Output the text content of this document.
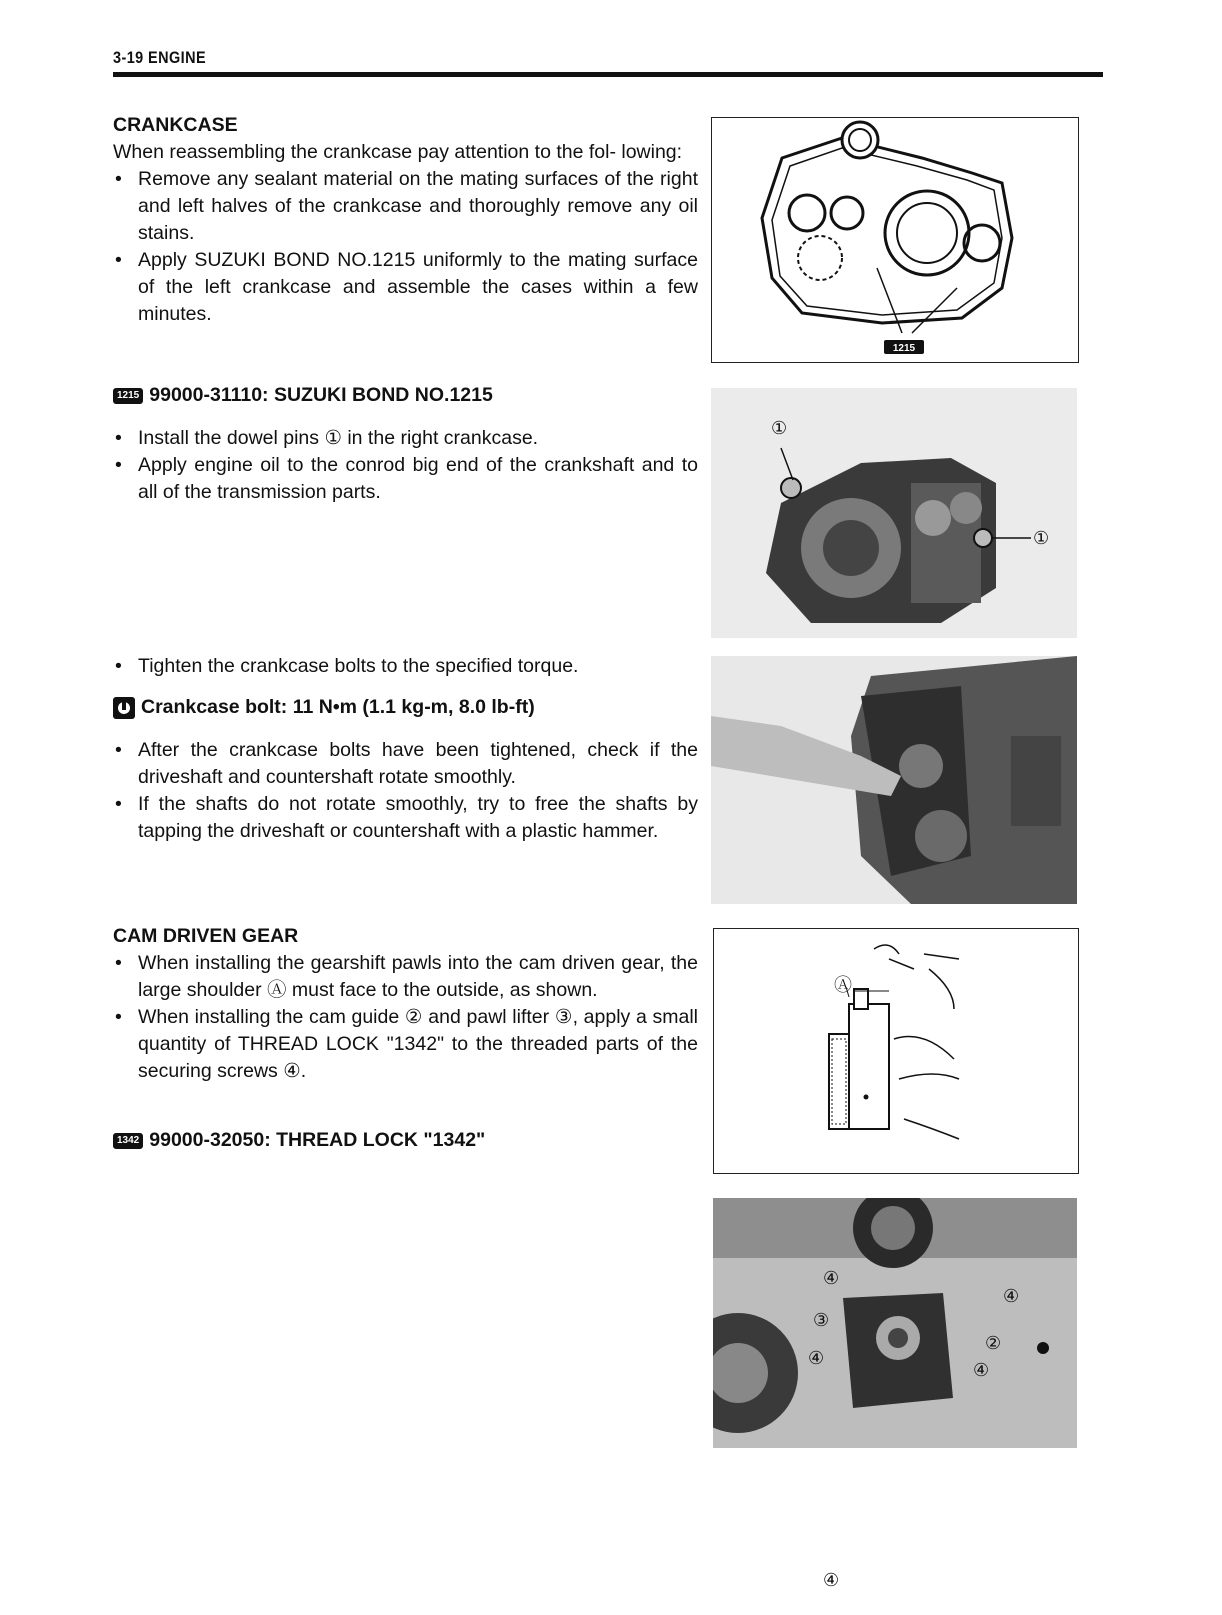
3-19 ENGINE
CRANKCASE

When reassembling the crankcase pay attention to the fol- lowing:

• Remove any sealant material on the mating surfaces of the right and left halves of the crankcase and thoroughly remove any oil stains.

• Apply SUZUKI BOND NO.1215 uniformly to the mating surface of the left crankcase and assemble the cases within a few minutes.

1215 99000-31110: SUZUKI BOND NO.1215

• Install the dowel pins ① in the right crankcase.

• Apply engine oil to the conrod big end of the crankshaft and to all of the transmission parts.

• Tighten the crankcase bolts to the specified torque.

Crankcase bolt: 11 N•m (1.1 kg-m, 8.0 lb-ft)

• After the crankcase bolts have been tightened, check if the driveshaft and countershaft rotate smoothly.

• If the shafts do not rotate smoothly, try to free the shafts by tapping the driveshaft or countershaft with a plastic hammer.

CAM DRIVEN GEAR

• When installing the gearshift pawls into the cam driven gear, the large shoulder Ⓐ must face to the outside, as shown.

• When installing the cam guide ② and pawl lifter ③, apply a small quantity of THREAD LOCK "1342" to the threaded parts of the securing screws ④.

1342 99000-32050: THREAD LOCK "1342"
1215
①
①
Ⓐ
④
④
④
③
②
④
④
